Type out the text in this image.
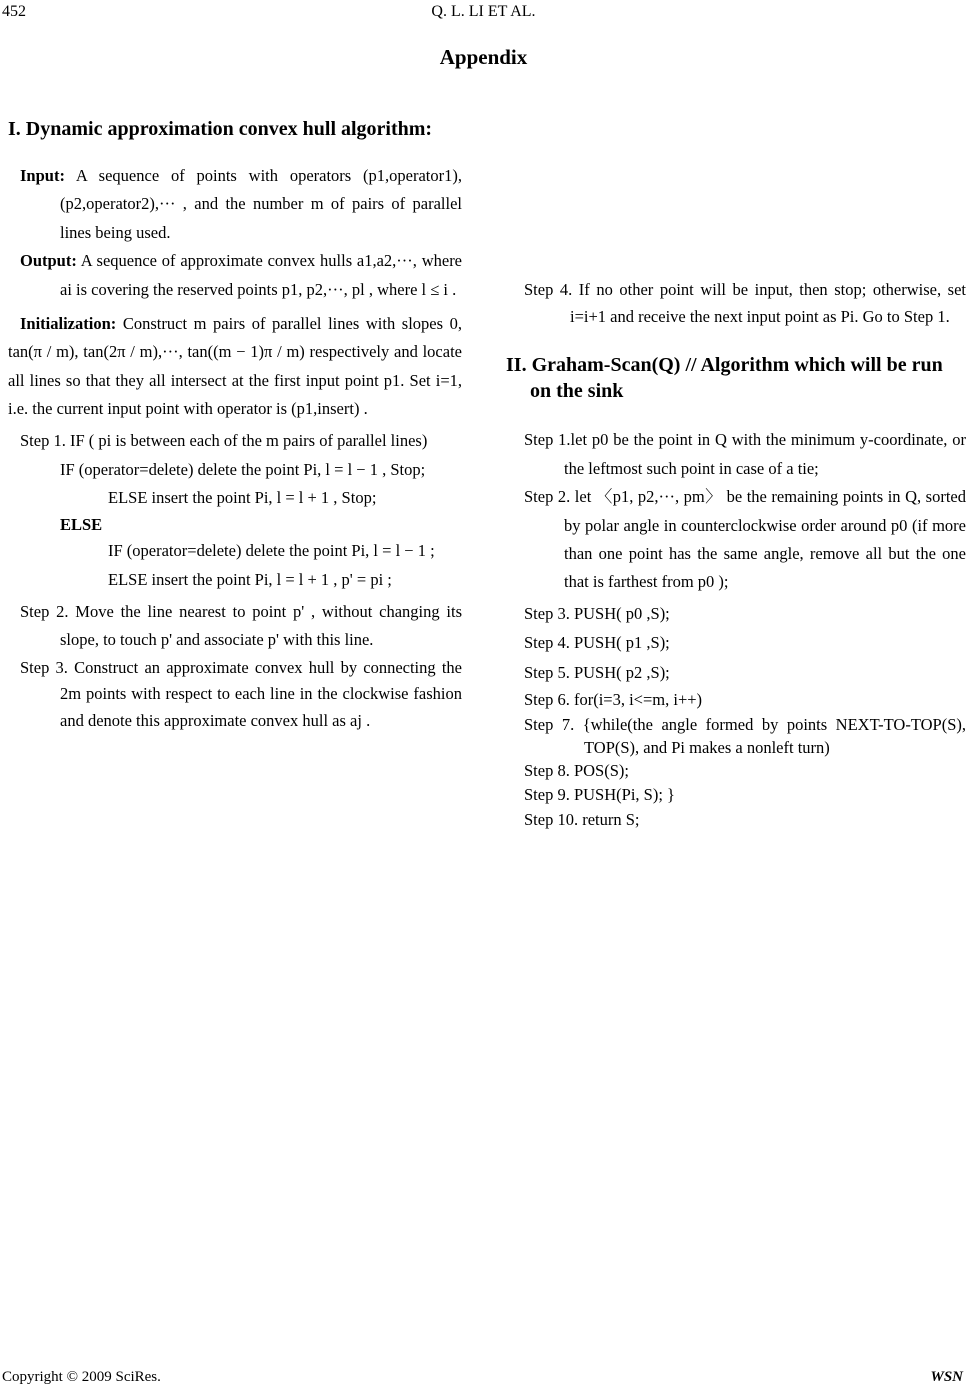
452	Q. L. LI ET AL.
Appendix
I. Dynamic approximation convex hull algorithm:

Input: A sequence of points with operators (p1,operator1),(p2,operator2),··· , and the number m of pairs of parallel lines being used.

Output: A sequence of approximate convex hulls a1,a2,···, where ai is covering the reserved points p1, p2,···, pl , where l ≤ i .

Initialization: Construct m pairs of parallel lines with slopes 0, tan(π / m), tan(2π / m),···, tan((m − 1)π / m) respectively and locate all lines so that they all intersect at the first input point p1. Set i=1, i.e. the current input point with operator is (p1,insert) .

Step 1. IF ( pi is between each of the m pairs of parallel lines)

IF (operator=delete) delete the point Pi, l = l − 1 , Stop;

ELSE insert the point Pi, l = l + 1 , Stop;

ELSE

IF (operator=delete) delete the point Pi, l = l − 1 ;

ELSE insert the point Pi, l = l + 1 , p' = pi ;

Step 2. Move the line nearest to point p' , without changing its slope, to touch p' and associate p' with this line.

Step 3. Construct an approximate convex hull by connecting the 2m points with respect to each line in the clockwise fashion and denote this approximate convex hull as aj .

Step 4. If no other point will be input, then stop; otherwise, set i=i+1 and receive the next input point as Pi. Go to Step 1.

II. Graham-Scan(Q) // Algorithm which will be run on the sink

Step 1.let p0 be the point in Q with the minimum y-coordinate, or the leftmost such point in case of a tie;

Step 2. let 〈p1, p2,···, pm〉 be the remaining points in Q, sorted by polar angle in counterclockwise order around p0 (if more than one point has the same angle, remove all but the one that is farthest from p0 );

Step 3. PUSH( p0 ,S);

Step 4. PUSH( p1 ,S);

Step 5. PUSH( p2 ,S);

Step 6. for(i=3, i<=m, i++)

Step 7. {while(the angle formed by points NEXT-TO-TOP(S), TOP(S), and Pi makes a nonleft turn)

Step 8. POS(S);

Step 9. PUSH(Pi, S); }

Step 10. return S;

Copyright © 2009 SciRes.	WSN
